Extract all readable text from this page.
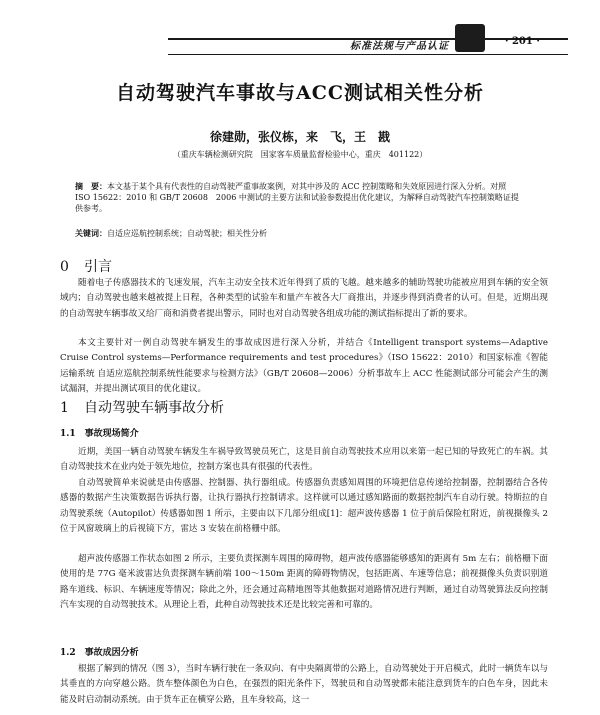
标准法规与产品认证	· 201 ·
自动驾驶汽车事故与ACC测试相关性分析
徐建勋，张仪栋，来　飞，王　戡
（重庆车辆检测研究院　国家客车质量监督检验中心，重庆　401122）
摘　要：本文基于某个具有代表性的自动驾驶严重事故案例，对其中涉及的 ACC 控制策略和失效原因进行深入分析。对照 ISO 15622：2010 和 GB/T 20608　2006 中测试的主要方法和试验参数提出优化建议，为解释自动驾驶汽车控制策略证提供参考。
关键词：自适应巡航控制系统；自动驾驶；相关性分析
0 引言
随着电子传感器技术的飞速发展，汽车主动安全技术近年得到了质的飞越。越来越多的辅助驾驶功能被应用到车辆的安全领域内；自动驾驶也越来越被提上日程，各种类型的试验车和量产车被各大厂商推出，并逐步得到消费者的认可。但是，近期出现的自动驾驶车辆事故又给厂商和消费者提出警示，同时也对自动驾驶各组成功能的测试指标提出了新的要求。
本文主要针对一例自动驾驶车辆发生的事故成因进行深入分析，并结合《Intelligent transport systems—Adaptive Cruise Control systems—Performance requirements and test procedures》（ISO 15622：2010）和国家标准《智能运输系统 自适应巡航控制系统性能要求与检测方法》（GB/T 20608—2006）分析事故车上 ACC 性能测试部分可能会产生的测试漏洞，并提出测试项目的优化建议。
1 自动驾驶车辆事故分析
1.1  事故现场简介
近期，美国一辆自动驾驶车辆发生车祸导致驾驶员死亡，这是目前自动驾驶技术应用以来第一起已知的导致死亡的车祸。其自动驾驶技术在业内处于领先地位，控制方案也具有很强的代表性。
自动驾驶简单来说就是由传感器、控制器、执行器组成。传感器负责感知周围的环境把信息传递给控制器，控制器结合各传感器的数据产生决策数据告诉执行器，让执行器执行控制请求。这样就可以通过感知路面的数据控制汽车自动行驶。特斯拉的自动驾驶系统（Autopilot）传感器如图 1 所示，主要由以下几部分组成[1]：超声波传感器 1 位于前后保险杠附近，前视摄像头 2 位于风窗玻璃上的后视镜下方，雷达 3 安装在前格栅中部。
超声波传感器工作状态如图 2 所示，主要负责探测车周围的障碍物，超声波传感器能够感知的距离有 5m 左右；前格栅下面使用的是 77G 毫米波雷达负责探测车辆前端 100～150m 距离的障碍物情况，包括距离、车速等信息；前视摄像头负责识别道路车道线、标识、车辆速度等情况；除此之外，还会通过高精地图等其他数据对道路情况进行判断，通过自动驾驶算法反向控制汽车实现的自动驾驶技术。从理论上看，此种自动驾驶技术还是比较完善和可靠的。
1.2  事故成因分析
根据了解到的情况（图 3），当时车辆行驶在一条双向、有中央隔离带的公路上，自动驾驶处于开启模式，此时一辆货车以与其垂直的方向穿越公路。货车整体颜色为白色，在强烈的阳光条件下，驾驶员和自动驾驶都未能注意到货车的白色车身，因此未能及时启动制动系统。由于货车正在横穿公路，且车身较高，这一
